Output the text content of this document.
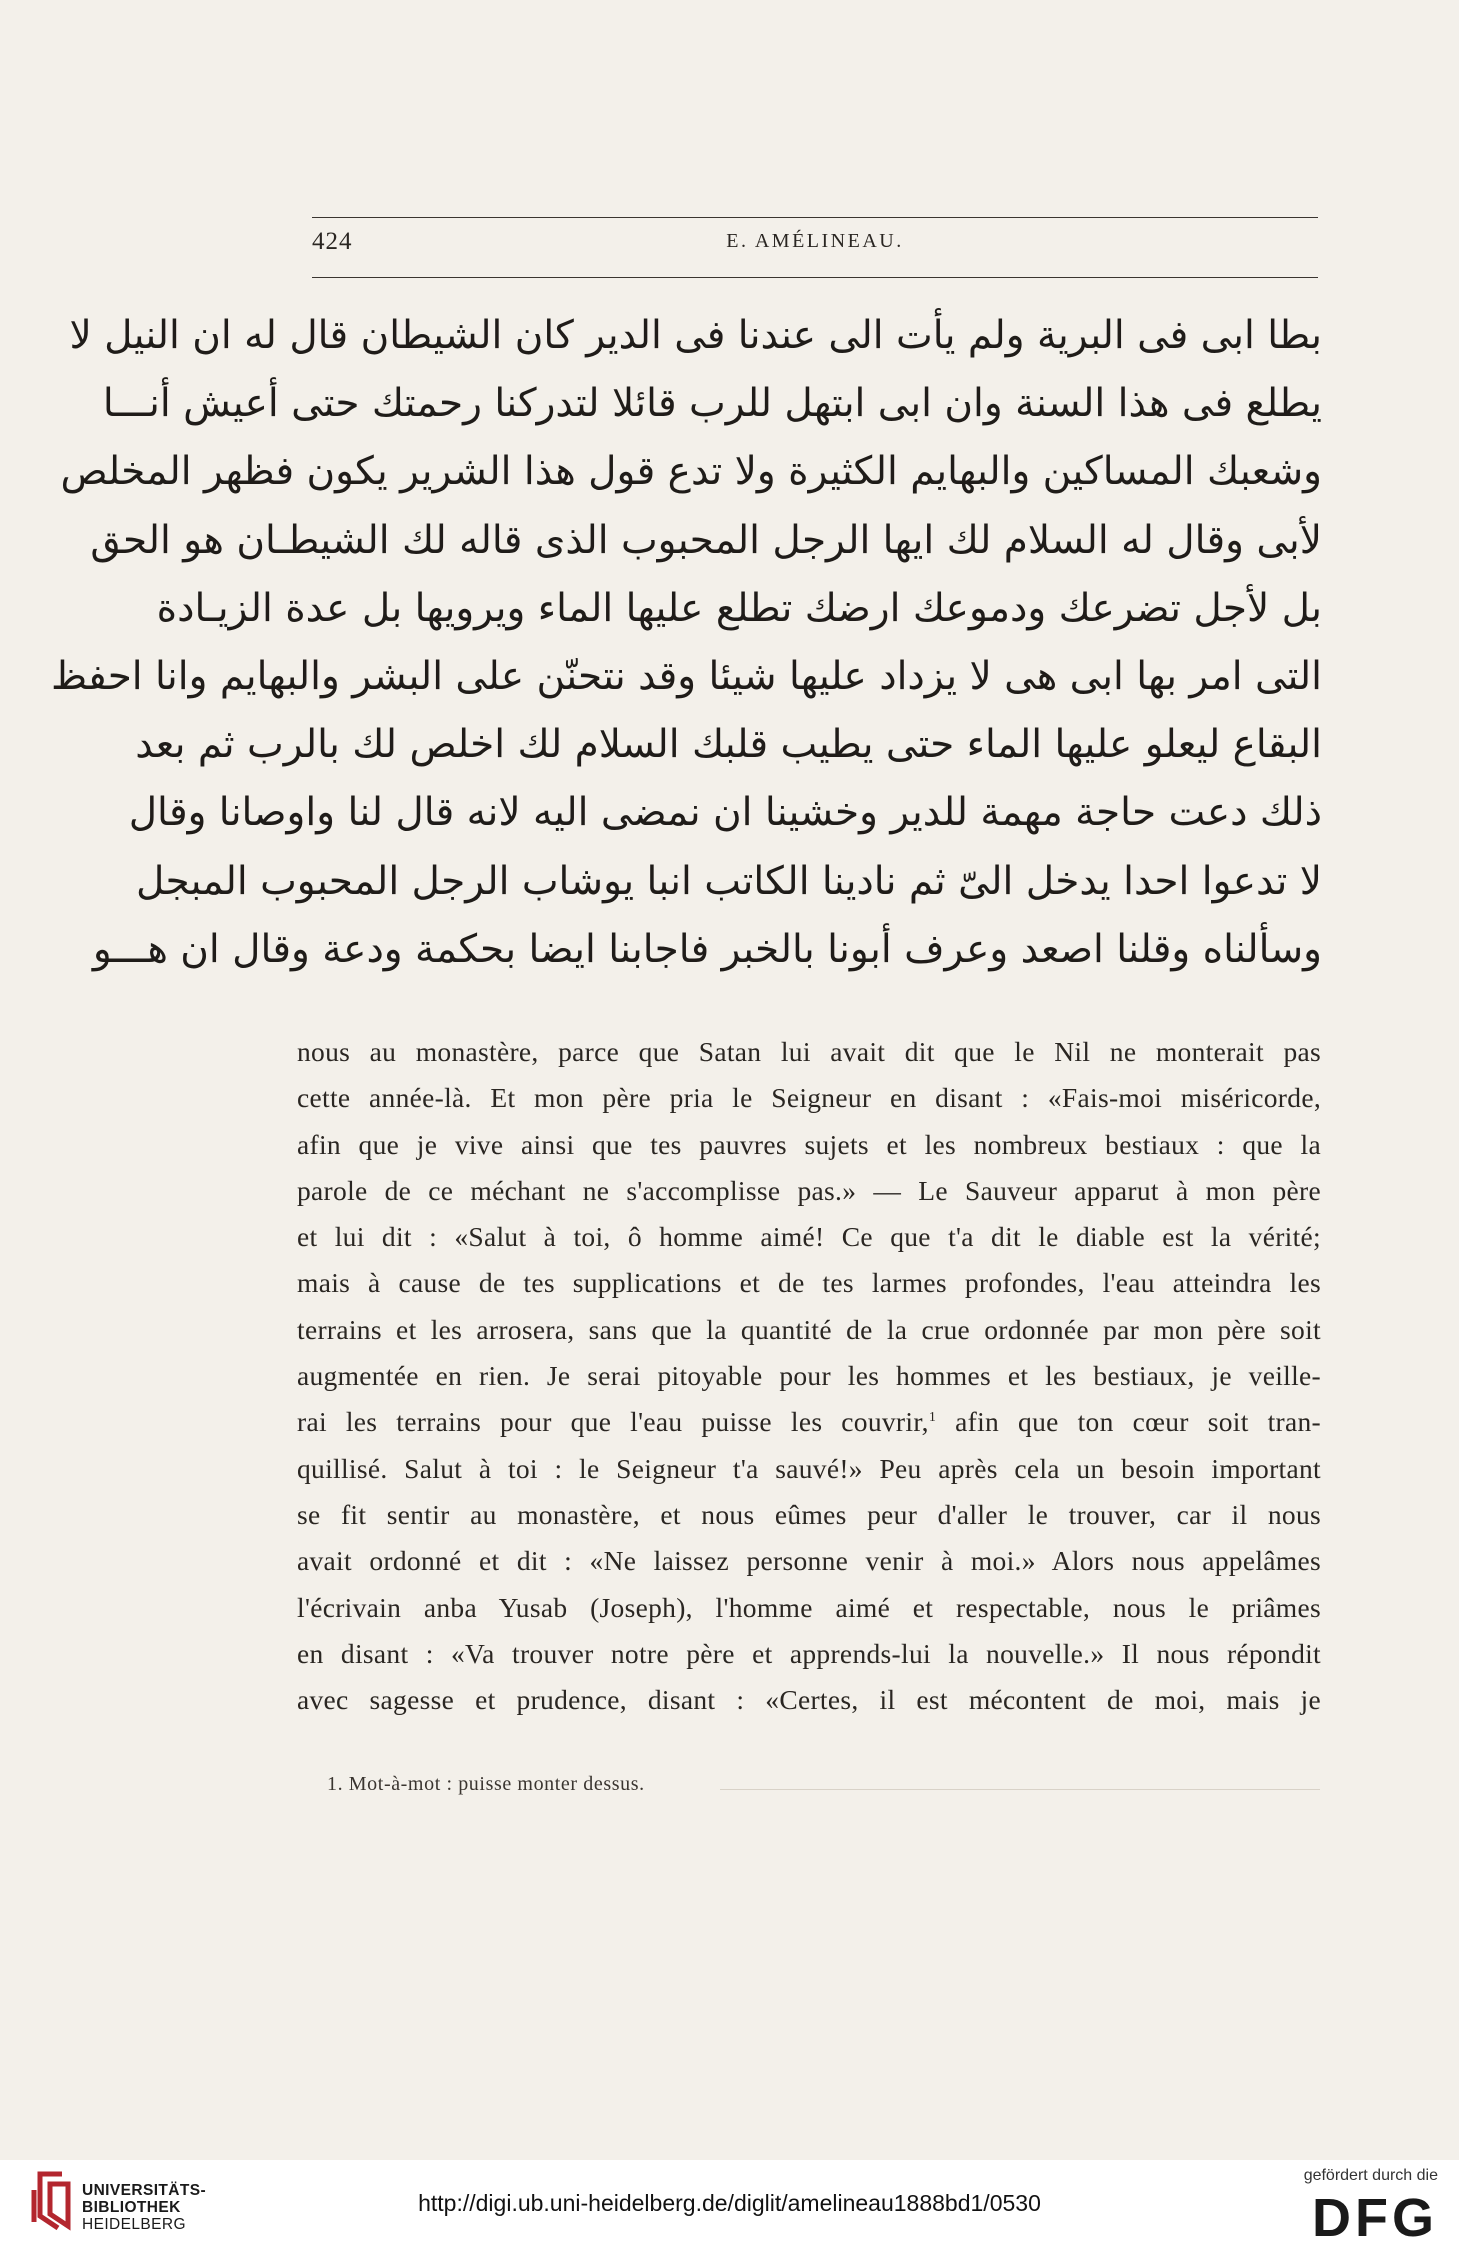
424	E. AMÉLINEAU.
بطا ابى فى البرية ولم يأت الى عندنا فى الدير كان الشيطان قال له ان النيل لا
يطلع فى هذا السنة وان ابى ابتهل للرب قائلا لتدركنا رحمتك حتى أعيش أنـــا
وشعبك المساكين والبهايم الكثيرة ولا تدع قول هذا الشرير يكون فظهر المخلص
لأبى وقال له السلام لك ايها الرجل المحبوب الذى قاله لك الشيطـان هو الحق
بل لأجل تضرعك ودموعك ارضك تطلع عليها الماء ويرويها بل عدة الزيـادة
التى امر بها ابى هى لا يزداد عليها شيئا وقد نتحنّن على البشر والبهايم وانا احفظ
البقاع ليعلو عليها الماء حتى يطيب قلبك السلام لك اخلص لك بالرب ثم بعد
ذلك دعت حاجة مهمة للدير وخشينا ان نمضى اليه لانه قال لنا واوصانا وقال
لا تدعوا احدا يدخل الىّ ثم نادينا الكاتب انبا يوشاب الرجل المحبوب المبجل
وسألناه وقلنا اصعد وعرف أبونا بالخبر فاجابنا ايضا بحكمة ودعة وقال ان هـــو
nous au monastère, parce que Satan lui avait dit que le Nil ne monterait pas
cette année-là. Et mon père pria le Seigneur en disant : «Fais-moi miséricorde,
afin que je vive ainsi que tes pauvres sujets et les nombreux bestiaux : que la
parole de ce méchant ne s'accomplisse pas.» — Le Sauveur apparut à mon père
et lui dit : «Salut à toi, ô homme aimé! Ce que t'a dit le diable est la vérité;
mais à cause de tes supplications et de tes larmes profondes, l'eau atteindra les
terrains et les arrosera, sans que la quantité de la crue ordonnée par mon père soit
augmentée en rien. Je serai pitoyable pour les hommes et les bestiaux, je veille-
rai les terrains pour que l'eau puisse les couvrir,$^1$ afin que ton cœur soit tran-
quillisé. Salut à toi : le Seigneur t'a sauvé!» Peu après cela un besoin important
se fit sentir au monastère, et nous eûmes peur d'aller le trouver, car il nous
avait ordonné et dit : «Ne laissez personne venir à moi.» Alors nous appelâmes
l'écrivain anba Yusab (Joseph), l'homme aimé et respectable, nous le priâmes
en disant : «Va trouver notre père et apprends-lui la nouvelle.» Il nous répondit
avec sagesse et prudence, disant : «Certes, il est mécontent de moi, mais je
1. Mot-à-mot : puisse monter dessus.
UNIVERSITÄTS-
BIBLIOTHEK
HEIDELBERG
http://digi.ub.uni-heidelberg.de/diglit/amelineau1888bd1/0530
gefördert durch die
DFG
